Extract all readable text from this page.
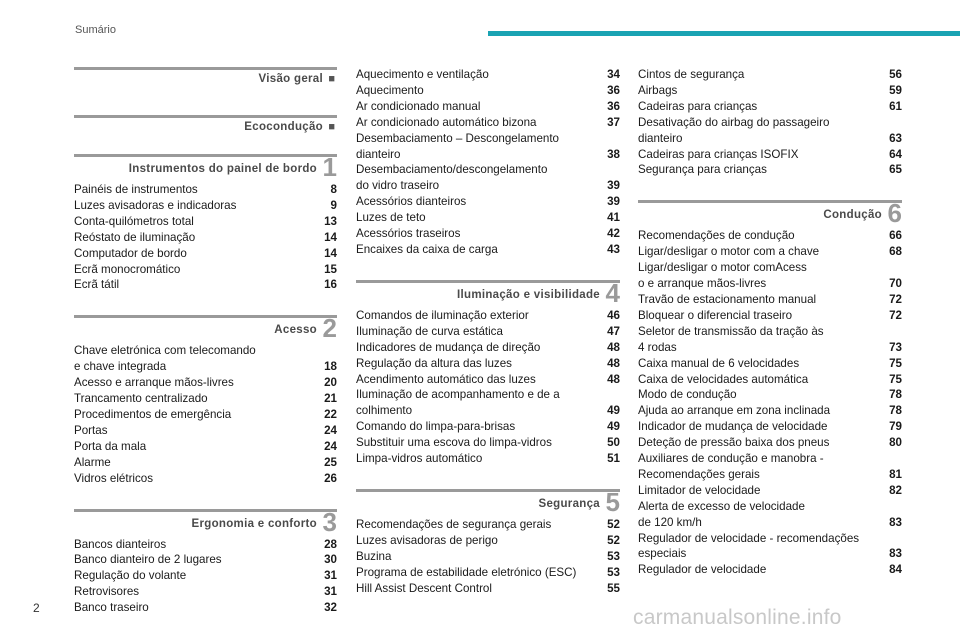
Sumário
Visão geral ■
Ecocondução ■
Instrumentos do painel de bordo 1
Painéis de instrumentos	8
Luzes avisadoras e indicadoras	9
Conta-quilómetros total	13
Reóstato de iluminação	14
Computador de bordo	14
Ecrã monocromático	15
Ecrã tátil	16
Acesso 2
Chave eletrónica com telecomando
e chave integrada	18
Acesso e arranque mãos-livres	20
Trancamento centralizado	21
Procedimentos de emergência	22
Portas	24
Porta da mala	24
Alarme	25
Vidros elétricos	26
Ergonomia e conforto 3
Bancos dianteiros	28
Banco dianteiro de 2 lugares	30
Regulação do volante	31
Retrovisores	31
Banco traseiro	32
Aquecimento e ventilação	34
Aquecimento	36
Ar condicionado manual	36
Ar condicionado automático bizona	37
Desembaciamento – Descongelamento
dianteiro	38
Desembaciamento/descongelamento
do vidro traseiro	39
Acessórios dianteiros	39
Luzes de teto	41
Acessórios traseiros	42
Encaixes da caixa de carga	43
Iluminação e visibilidade 4
Comandos de iluminação exterior	46
Iluminação de curva estática	47
Indicadores de mudança de direção	48
Regulação da altura das luzes	48
Acendimento automático das luzes	48
Iluminação de acompanhamento e de a
colhimento	49
Comando do limpa-para-brisas	49
Substituir uma escova do limpa-vidros	50
Limpa-vidros automático	51
Segurança 5
Recomendações de segurança gerais	52
Luzes avisadoras de perigo	52
Buzina	53
Programa de estabilidade eletrónico (ESC)	53
Hill Assist Descent Control	55
Cintos de segurança	56
Airbags	59
Cadeiras para crianças	61
Desativação do airbag do passageiro
dianteiro	63
Cadeiras para crianças ISOFIX	64
Segurança para crianças	65
Condução 6
Recomendações de condução	66
Ligar/desligar o motor com a chave	68
Ligar/desligar o motor comAcess
o e arranque mãos-livres	70
Travão de estacionamento manual	72
Bloquear o diferencial traseiro	72
Seletor de transmissão da tração às
4 rodas	73
Caixa manual de 6 velocidades	75
Caixa de velocidades automática	75
Modo de condução	78
Ajuda ao arranque em zona inclinada	78
Indicador de mudança de velocidade	79
Deteção de pressão baixa dos pneus	80
Auxiliares de condução e manobra -
Recomendações gerais	81
Limitador de velocidade	82
Alerta de excesso de velocidade
de 120 km/h	83
Regulador de velocidade - recomendações
especiais	83
Regulador de velocidade	84
2	carmanualsonline.info
